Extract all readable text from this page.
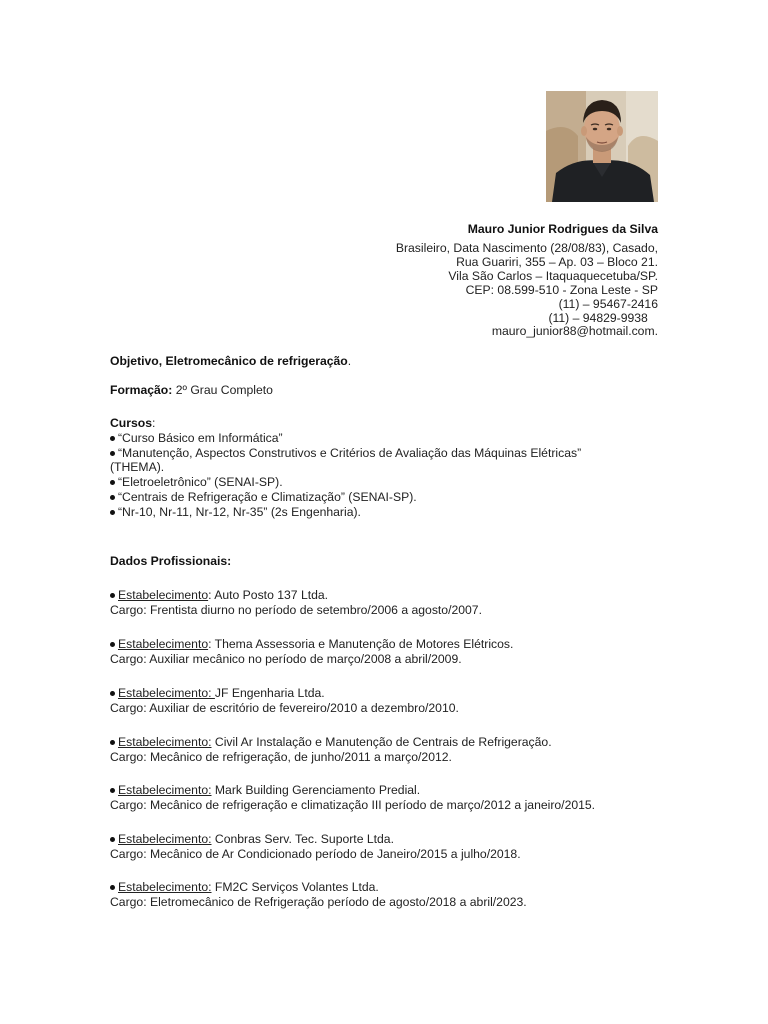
Mauro Junior Rodrigues da Silva
Brasileiro, Data Nascimento (28/08/83), Casado,
Rua Guariri, 355 – Ap. 03 – Bloco 21.
Vila São Carlos – Itaquaquecetuba/SP.
CEP: 08.599-510 - Zona Leste - SP
(11) – 95467-2416
(11) – 94829-9938
mauro_junior88@hotmail.com.
Objetivo, Eletromecânico de refrigeração.
Formação: 2º Grau Completo
Cursos:
“Curso Básico em Informática”
“Manutenção, Aspectos Construtivos e Critérios de Avaliação das Máquinas Elétricas”
(THEMA).
“Eletroeletrônico” (SENAI-SP).
“Centrais de Refrigeração e Climatização” (SENAI-SP).
“Nr-10, Nr-11, Nr-12, Nr-35” (2s Engenharia).
Dados Profissionais:
Estabelecimento: Auto Posto 137 Ltda.
Cargo: Frentista diurno no período de setembro/2006 a agosto/2007.
Estabelecimento: Thema Assessoria e Manutenção de Motores Elétricos.
Cargo: Auxiliar mecânico no período de março/2008 a abril/2009.
Estabelecimento: JF Engenharia Ltda.
Cargo: Auxiliar de escritório de fevereiro/2010 a dezembro/2010.
Estabelecimento: Civil Ar Instalação e Manutenção de Centrais de Refrigeração.
Cargo: Mecânico de refrigeração, de junho/2011 a março/2012.
Estabelecimento: Mark Building Gerenciamento Predial.
Cargo: Mecânico de refrigeração e climatização III período de março/2012 a janeiro/2015.
Estabelecimento: Conbras Serv. Tec. Suporte Ltda.
Cargo: Mecânico de Ar Condicionado período de Janeiro/2015 a julho/2018.
Estabelecimento: FM2C Serviços Volantes Ltda.
Cargo: Eletromecânico de Refrigeração período de agosto/2018 a abril/2023.
